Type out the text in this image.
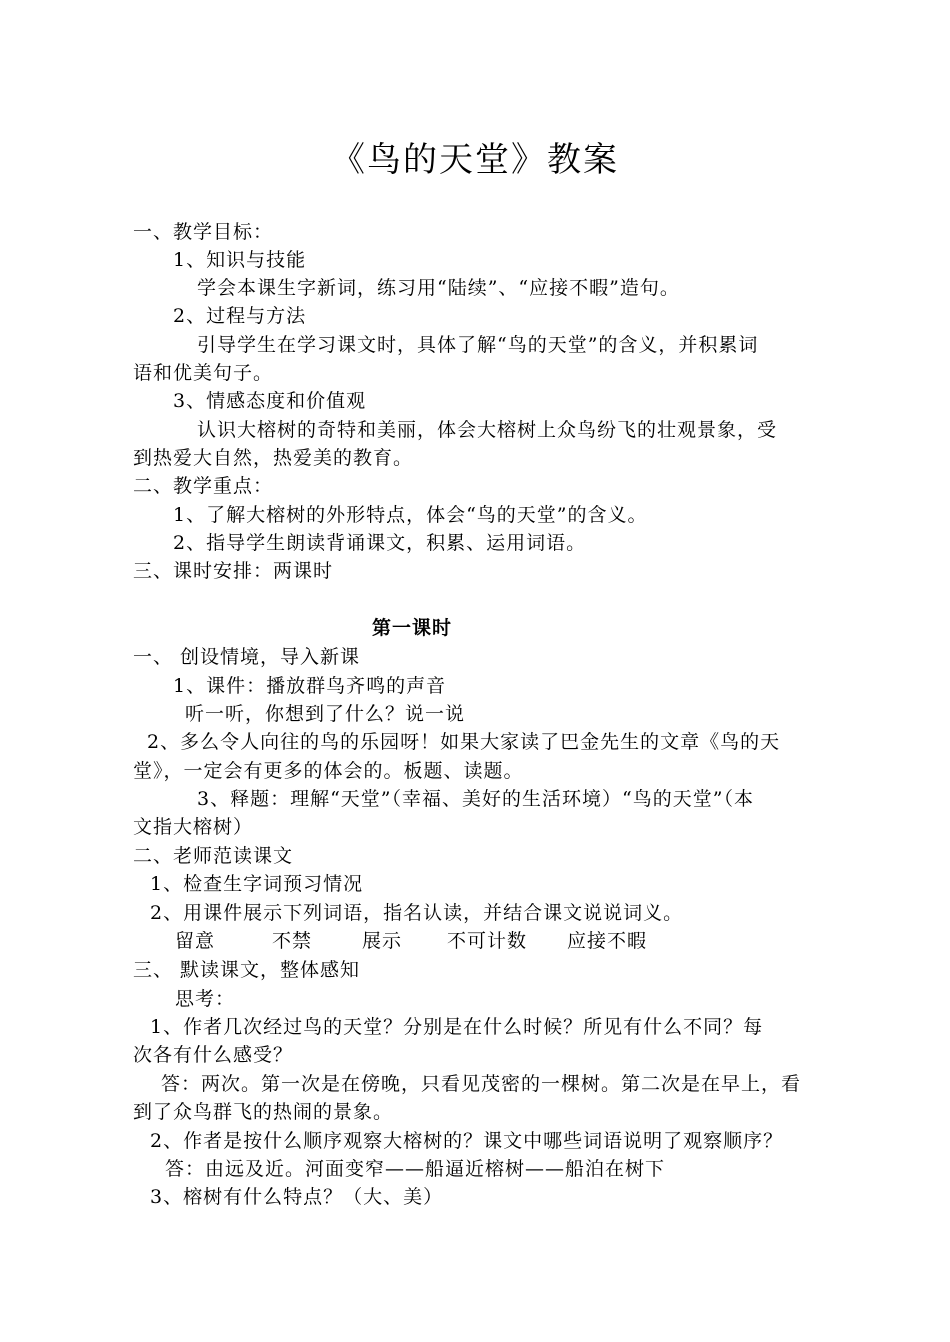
《鸟的天堂》教案
一、教学目标：
1、知识与技能
学会本课生字新词，练习用“陆续”、“应接不暇”造句。
2、过程与方法
引导学生在学习课文时，具体了解“鸟的天堂”的含义，并积累词
语和优美句子。
3、情感态度和价值观
认识大榕树的奇特和美丽，体会大榕树上众鸟纷飞的壮观景象，受
到热爱大自然，热爱美的教育。
二、教学重点：
1、了解大榕树的外形特点，体会“鸟的天堂”的含义。
2、指导学生朗读背诵课文，积累、运用词语。
三、课时安排：两课时
第一课时
一、 创设情境，导入新课
1、课件：播放群鸟齐鸣的声音
听一听，你想到了什么？说一说
2、多么令人向往的鸟的乐园呀！如果大家读了巴金先生的文章《鸟的天
堂》，一定会有更多的体会的。板题、读题。
3、释题：理解“天堂”（幸福、美好的生活环境）“鸟的天堂”（本
文指大榕树）
二、老师范读课文
1、检查生字词预习情况
2、用课件展示下列词语，指名认读，并结合课文说说词义。
留意	不禁	展示 不可计数 应接不暇
三、 默读课文，整体感知
思考：
1、作者几次经过鸟的天堂？分别是在什么时候？所见有什么不同？每
次各有什么感受？
答：两次。第一次是在傍晚，只看见茂密的一棵树。第二次是在早上，看
到了众鸟群飞的热闹的景象。
2、作者是按什么顺序观察大榕树的？课文中哪些词语说明了观察顺序？
答：由远及近。河面变窄——船逼近榕树——船泊在树下
3、榕树有什么特点？（大、美）
